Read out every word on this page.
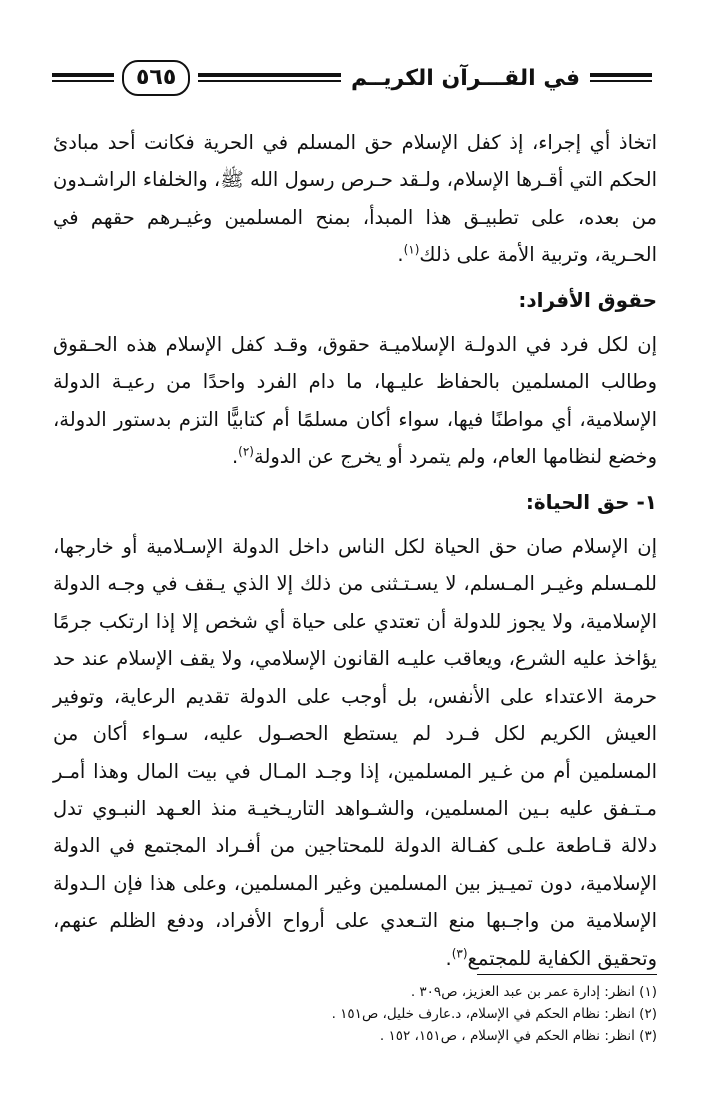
٥٦٥	في القـــرآن الكريــم

اتخاذ أي إجراء، إذ كفل الإسلام حق المسلم في الحرية فكانت أحد مبادئ الحكم التي أقـرها الإسلام، ولـقد حـرص رسول الله ﷺ، والخلفاء الراشـدون من بعده، على تطبيـق هذا المبدأ، بمنح المسلمين وغيـرهم حقهم في الحـرية، وتربية الأمة على ذلك$^{(١)}$.

حقوق الأفراد:

إن لكل فرد في الدولـة الإسلاميـة حقوق، وقـد كفل الإسلام هذه الحـقوق وطالب المسلمين بالحفاظ عليـها، ما دام الفرد واحدًا من رعيـة الدولة الإسلامية، أي مواطنًا فيها، سواء أكان مسلمًا أم كتابيًّا التزم بدستور الدولة، وخضع لنظامها العام، ولم يتمرد أو يخرج عن الدولة$^{(٢)}$.

١- حق الحياة:

إن الإسلام صان حق الحياة لكل الناس داخل الدولة الإسـلامية أو خارجها، للمـسلم وغيـر المـسلم، لا يسـتـثنى من ذلك إلا الذي يـقف في وجـه الدولة الإسلامية، ولا يجوز للدولة أن تعتدي على حياة أي شخص إلا إذا ارتكب جرمًا يؤاخذ عليه الشرع، ويعاقب عليـه القانون الإسلامي، ولا يقف الإسلام عند حد حرمة الاعتداء على الأنفس، بل أوجب على الدولة تقديم الرعاية، وتوفير العيش الكريم لكل فـرد لم يستطع الحصـول عليه، سـواء أكان من المسلمين أم من غـير المسلمين، إذا وجـد المـال في بيت المال وهذا أمـر مـتـفق عليه بـين المسلمين، والشـواهد التاريـخيـة منذ العـهد النبـوي تدل دلالة قـاطعة علـى كفـالة الدولة للمحتاجين من أفـراد المجتمع في الدولة الإسلامية، دون تميـيز بين المسلمين وغير المسلمين، وعلى هذا فإن الـدولة الإسلامية من واجـبها منع التـعدي على أرواح الأفراد، ودفع الظلم عنهم، وتحقيق الكفاية للمجتمع$^{(٣)}$.

(١) انظر: إدارة عمر بن عبد العزيز، ص٣٠٩ .

(٢) انظر: نظام الحكم في الإسلام، د.عارف خليل، ص١٥١ .

(٣) انظر: نظام الحكم في الإسلام ، ص١٥١، ١٥٢ .
